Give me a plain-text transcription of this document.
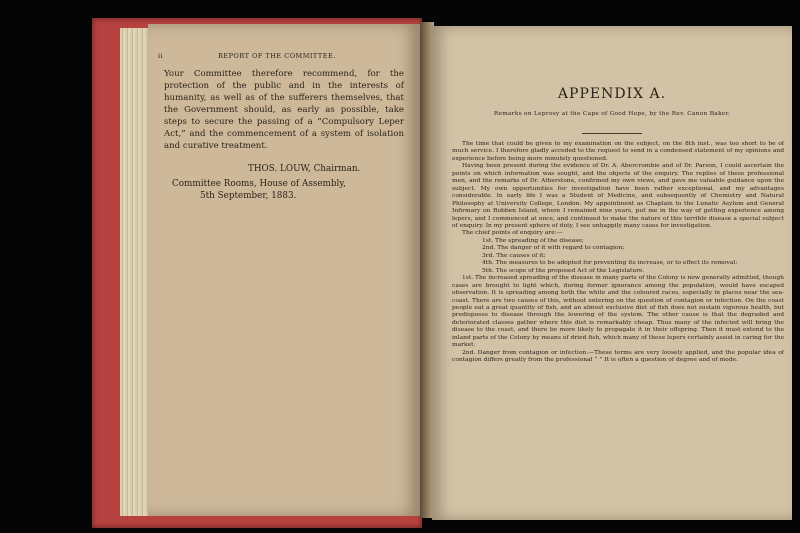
ii	REPORT OF THE COMMITTEE.

Your Committee therefore recommend, for the protection of the public and in the interests of humanity, as well as of the sufferers themselves, that the Government should, as early as possible, take steps to secure the passing of a “Compulsory Leper Act,” and the commencement of a system of isolation and curative treatment.

THOS. LOUW, Chairman.
Committee Rooms, House of Assembly,
5th September, 1883.
APPENDIX A.
Remarks on Leprosy at the Cape of Good Hope, by the Rev. Canon Baker.

The time that could be given to my examination on the subject, on the 8th inst., was too short to be of much service. I therefore gladly acceded to the request to send in a condensed statement of my opinions and experience before being more minutely questioned.

Having been present during the evidence of Dr. A. Abercrombie and of Dr. Parson, I could ascertain the points on which information was sought, and the objects of the enquiry. The replies of these professional men, and the remarks of Dr. Atherstone, confirmed my own views, and gave me valuable guidance upon the subject. My own opportunities for investigation have been rather exceptional, and my advantages considerable. In early life I was a Student of Medicine, and subsequently of Chemistry and Natural Philosophy at University College, London. My appointment as Chaplain to the Lunatic Asylum and General Infirmary on Robben Island, where I remained nine years, put me in the way of getting experience among lepers, and I commenced at once, and continued to make the nature of this terrible disease a special subject of enquiry. In my present sphere of duty, I see unhappily many cases for investigation.

The chief points of enquiry are:—

1st. The spreading of the disease;
2nd. The danger of it with regard to contagion;
3rd. The causes of it;
4th. The measures to be adopted for preventing its increase, or to effect its removal;
5th. The scope of the proposed Act of the Legislature.

1st. The increased spreading of the disease in many parts of the Colony is now generally admitted, though cases are brought to light which, during former ignorance among the population, would have escaped observation. It is spreading among both the white and the coloured races, especially in places near the sea-coast. There are two causes of this, without entering on the question of contagion or infection. On the coast people eat a great quantity of fish, and an almost exclusive diet of fish does not sustain vigorous health, but predisposes to disease through the lowering of the system. The other cause is that the degraded and deteriorated classes gather where this diet is remarkably cheap. Thus many of the infected will bring the disease to the coast, and there be more likely to propagate it in their offspring. Then it must extend to the inland parts of the Colony by means of dried fish, which many of these lepers certainly assist in caring for the market.

2nd. Danger from contagion or infection.—These terms are very loosely applied, and the popular idea of contagion differs greatly from the professional “ ” It is often a question of degree and of mode.
